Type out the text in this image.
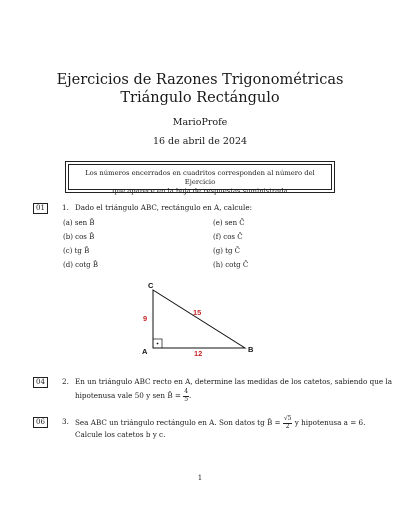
Ejercicios de Razones Trigonométricas
Triángulo Rectángulo
MarioProfe
16 de abril de 2024
Los números encerrados en cuadritos corresponden al número del Ejercicio
que aparece en la hoja de respuestas suministrada
01	1. Dado el triángulo ABC, rectángulo en A, calcule:
(a) sen B̂
(b) cos B̂
(c) tg B̂
(d) cotg B̂
(e) sen Ĉ
(f) cos Ĉ
(g) tg Ĉ
(h) cotg Ĉ
C
A	B
9
12
15
04	2. En un triángulo ABC recto en A, determine las medidas de los catetos, sabiendo que la
hipotenusa vale 50 y sen B̂ = $\frac{4}{5}$ .
06	3. Sea ABC un triángulo rectángulo en A. Son datos tg B̂ = $\frac{√5}{2}$ y hipotenusa a = 6.
Calcule los catetos b y c.
1
